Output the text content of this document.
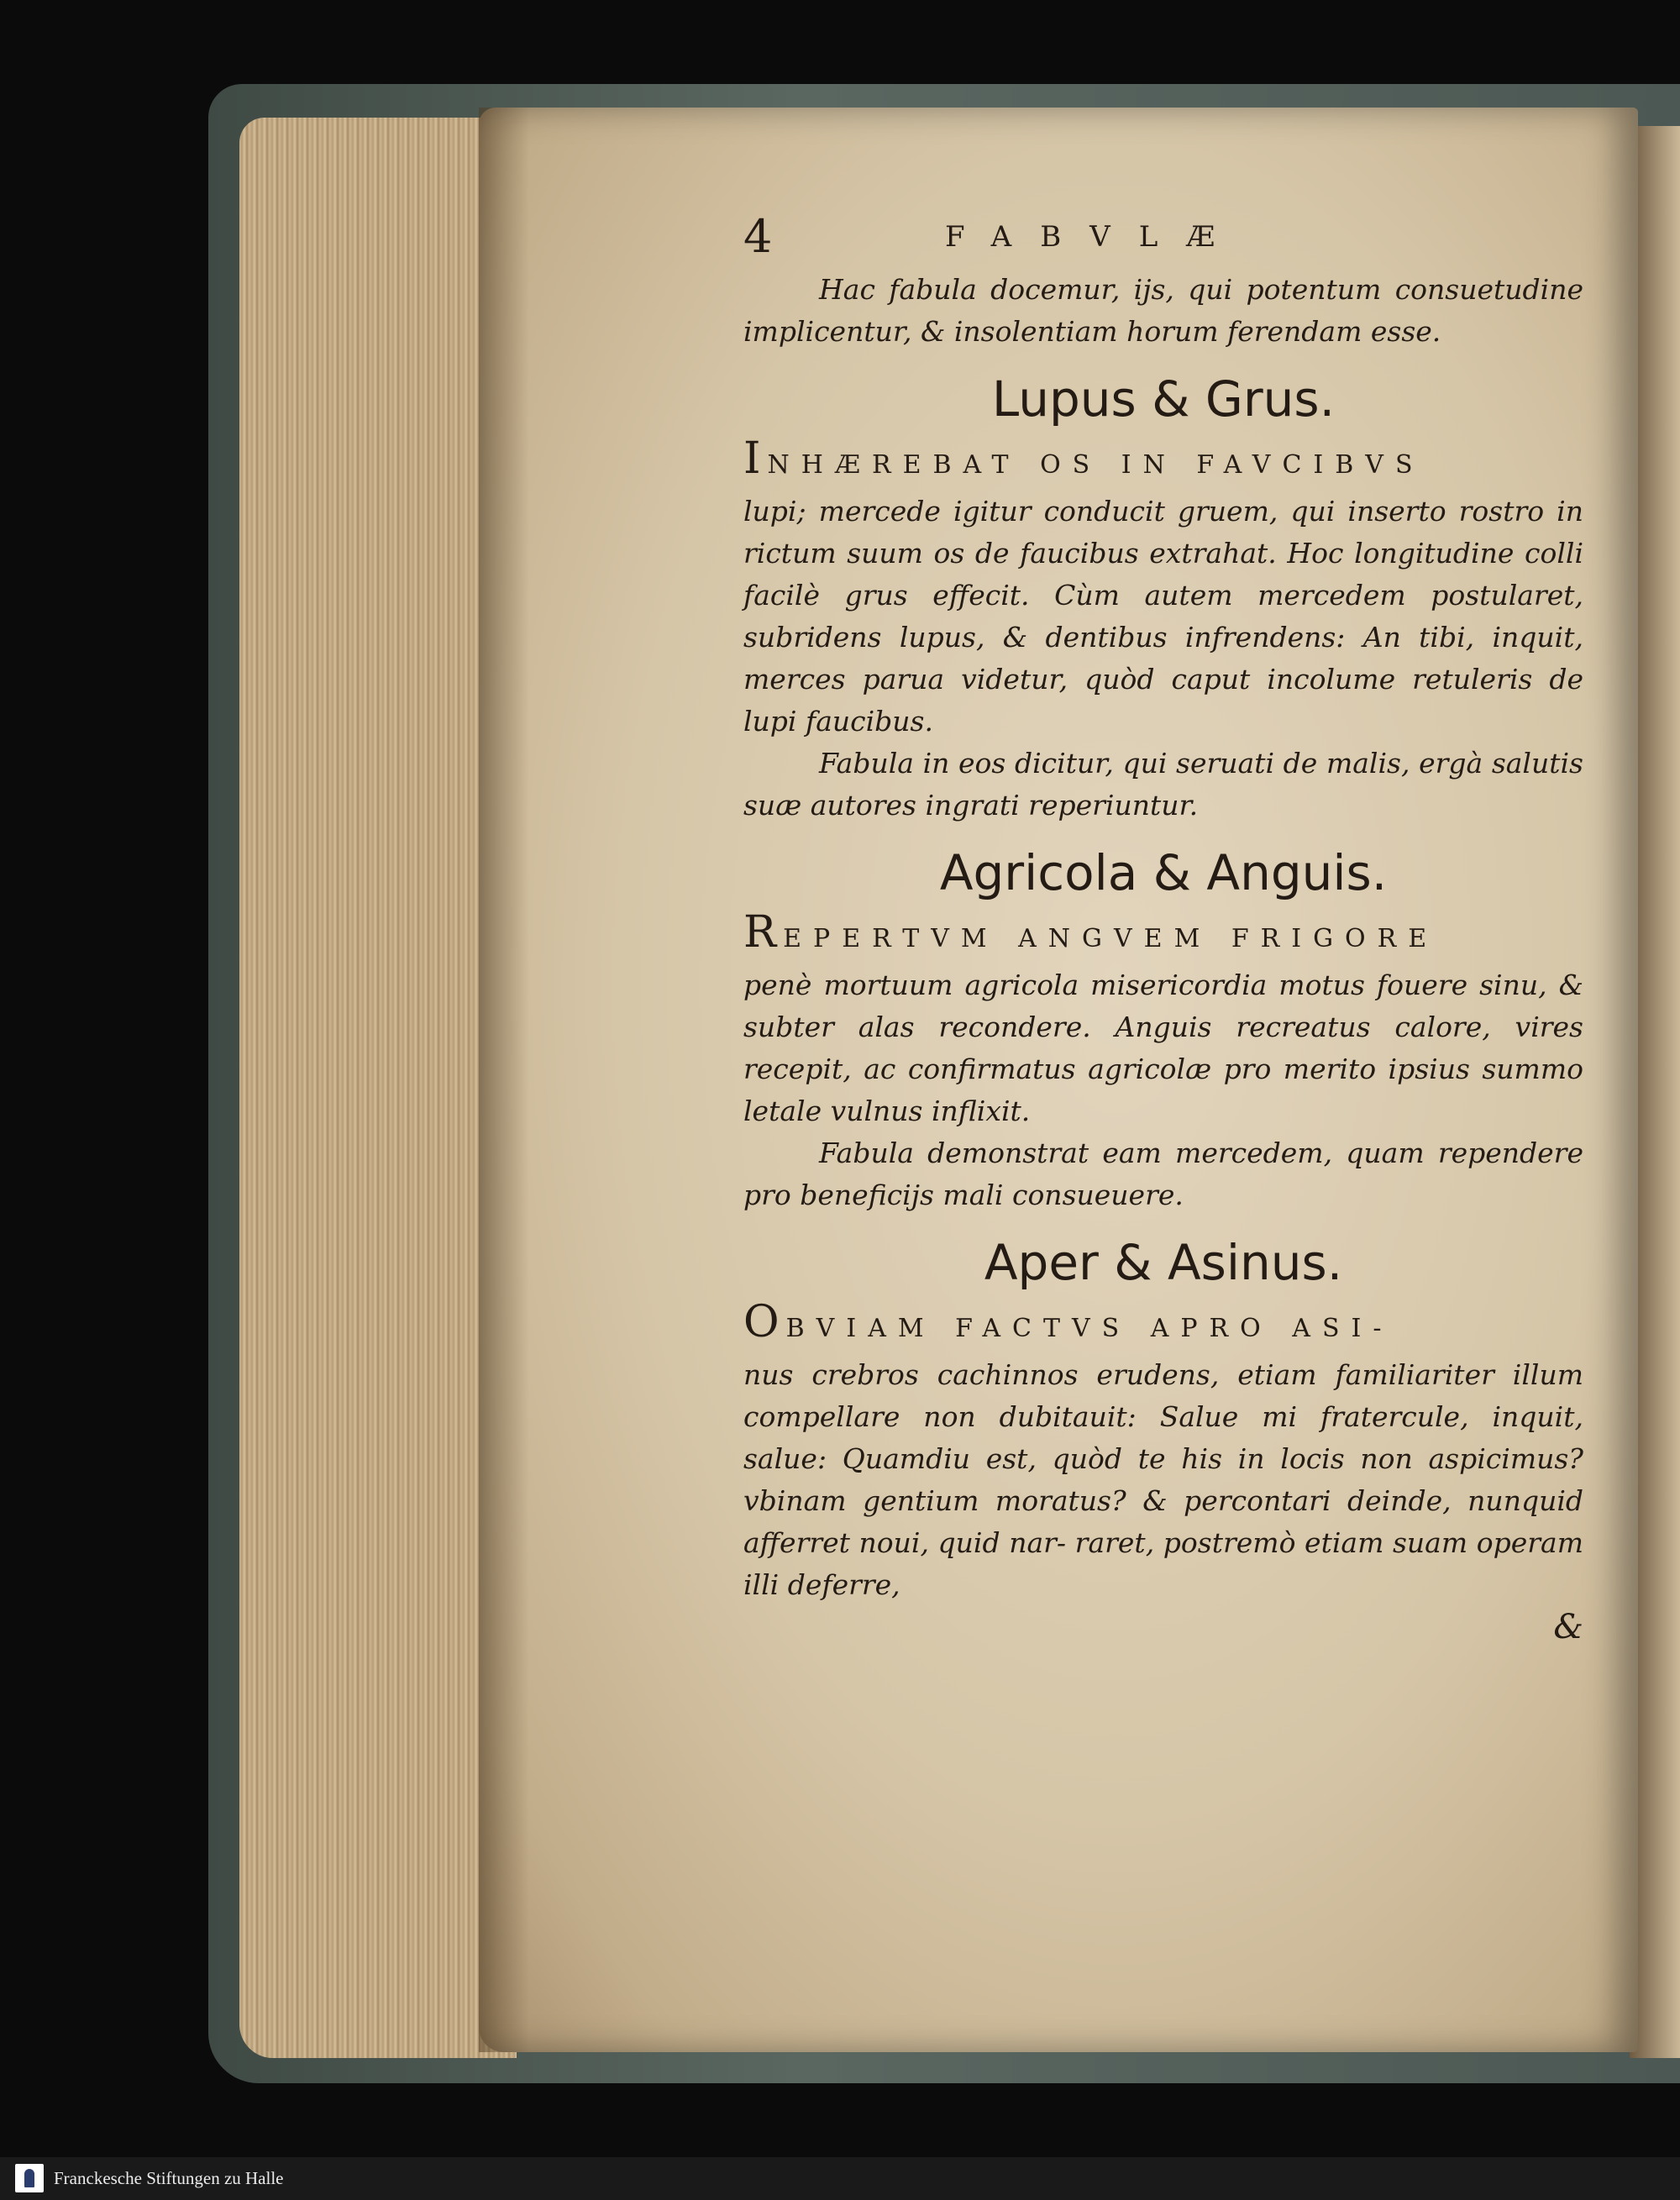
4	FABVLÆ

Hac fabula docemur, ijs, qui potentum consuetudine implicentur, & insolentiam horum ferendam esse.

Lupus & Grus.

INHÆREBAT OS IN FAVCIBVS

lupi; mercede igitur conducit gruem, qui inserto rostro in rictum suum os de faucibus extrahat. Hoc longitudine colli facilè grus effecit. Cùm autem mercedem postularet, subridens lupus, & dentibus infrendens: An tibi, inquit, merces parua videtur, quòd caput incolume retuleris de lupi faucibus.

Fabula in eos dicitur, qui seruati de malis, ergà salutis suæ autores ingrati reperiuntur.

Agricola & Anguis.

REPERTVM ANGVEM FRIGORE

penè mortuum agricola misericordia motus fouere sinu, & subter alas recondere. Anguis recreatus calore, vires recepit, ac confirmatus agricolæ pro merito ipsius summo letale vulnus inflixit.

Fabula demonstrat eam mercedem, quam rependere pro beneficijs mali consueuere.

Aper & Asinus.

OBVIAM FACTVS APRO ASI-

nus crebros cachinnos erudens, etiam familiariter illum compellare non dubitauit: Salue mi fratercule, inquit, salue: Quamdiu est, quòd te his in locis non aspicimus? vbinam gentium moratus? & percontari deinde, nunquid afferret noui, quid nar- raret, postremò etiam suam operam illi deferre,

&

Franckesche Stiftungen zu Halle
